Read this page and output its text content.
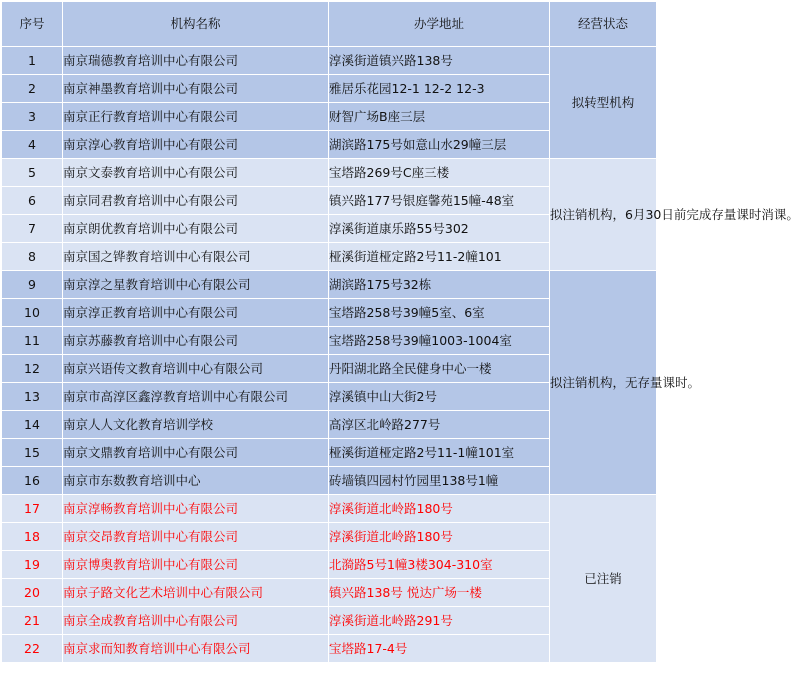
序号	机构名称	办学地址	经营状态
1	南京瑞德教育培训中心有限公司	淳溪街道镇兴路138号	拟转型机构
2	南京神墨教育培训中心有限公司	雅居乐花园12-1 12-2 12-3	
3	南京正行教育培训中心有限公司	财智广场B座三层	
4	南京淳心教育培训中心有限公司	湖滨路175号如意山水29幢三层	
5	南京文泰教育培训中心有限公司	宝塔路269号C座三楼	拟注销机构，6月30日前完成存量课时消课。
6	南京同君教育培训中心有限公司	镇兴路177号银庭馨苑15幢-48室	
7	南京朗优教育培训中心有限公司	淳溪街道康乐路55号302	
8	南京国之铧教育培训中心有限公司	桠溪街道桠定路2号11-2幢101	
9	南京淳之星教育培训中心有限公司	湖滨路175号32栋	拟注销机构，无存量课时。
10	南京淳正教育培训中心有限公司	宝塔路258号39幢5室、6室	
11	南京苏藤教育培训中心有限公司	宝塔路258号39幢1003-1004室	
12	南京兴语传文教育培训中心有限公司	丹阳湖北路全民健身中心一楼	
13	南京市高淳区鑫淳教育培训中心有限公司	淳溪镇中山大街2号	
14	南京人人文化教育培训学校	高淳区北岭路277号	
15	南京文鼎教育培训中心有限公司	桠溪街道桠定路2号11-1幢101室	
16	南京市东数教育培训中心	砖墙镇四园村竹园里138号1幢	
17	南京淳畅教育培训中心有限公司	淳溪街道北岭路180号	已注销
18	南京交昂教育培训中心有限公司	淳溪街道北岭路180号	
19	南京博奥教育培训中心有限公司	北漪路5号1幢3楼304-310室	
20	南京子路文化艺术培训中心有限公司	镇兴路138号 悦达广场一楼	
21	南京全成教育培训中心有限公司	淳溪街道北岭路291号	
22	南京求而知教育培训中心有限公司	宝塔路17-4号	
